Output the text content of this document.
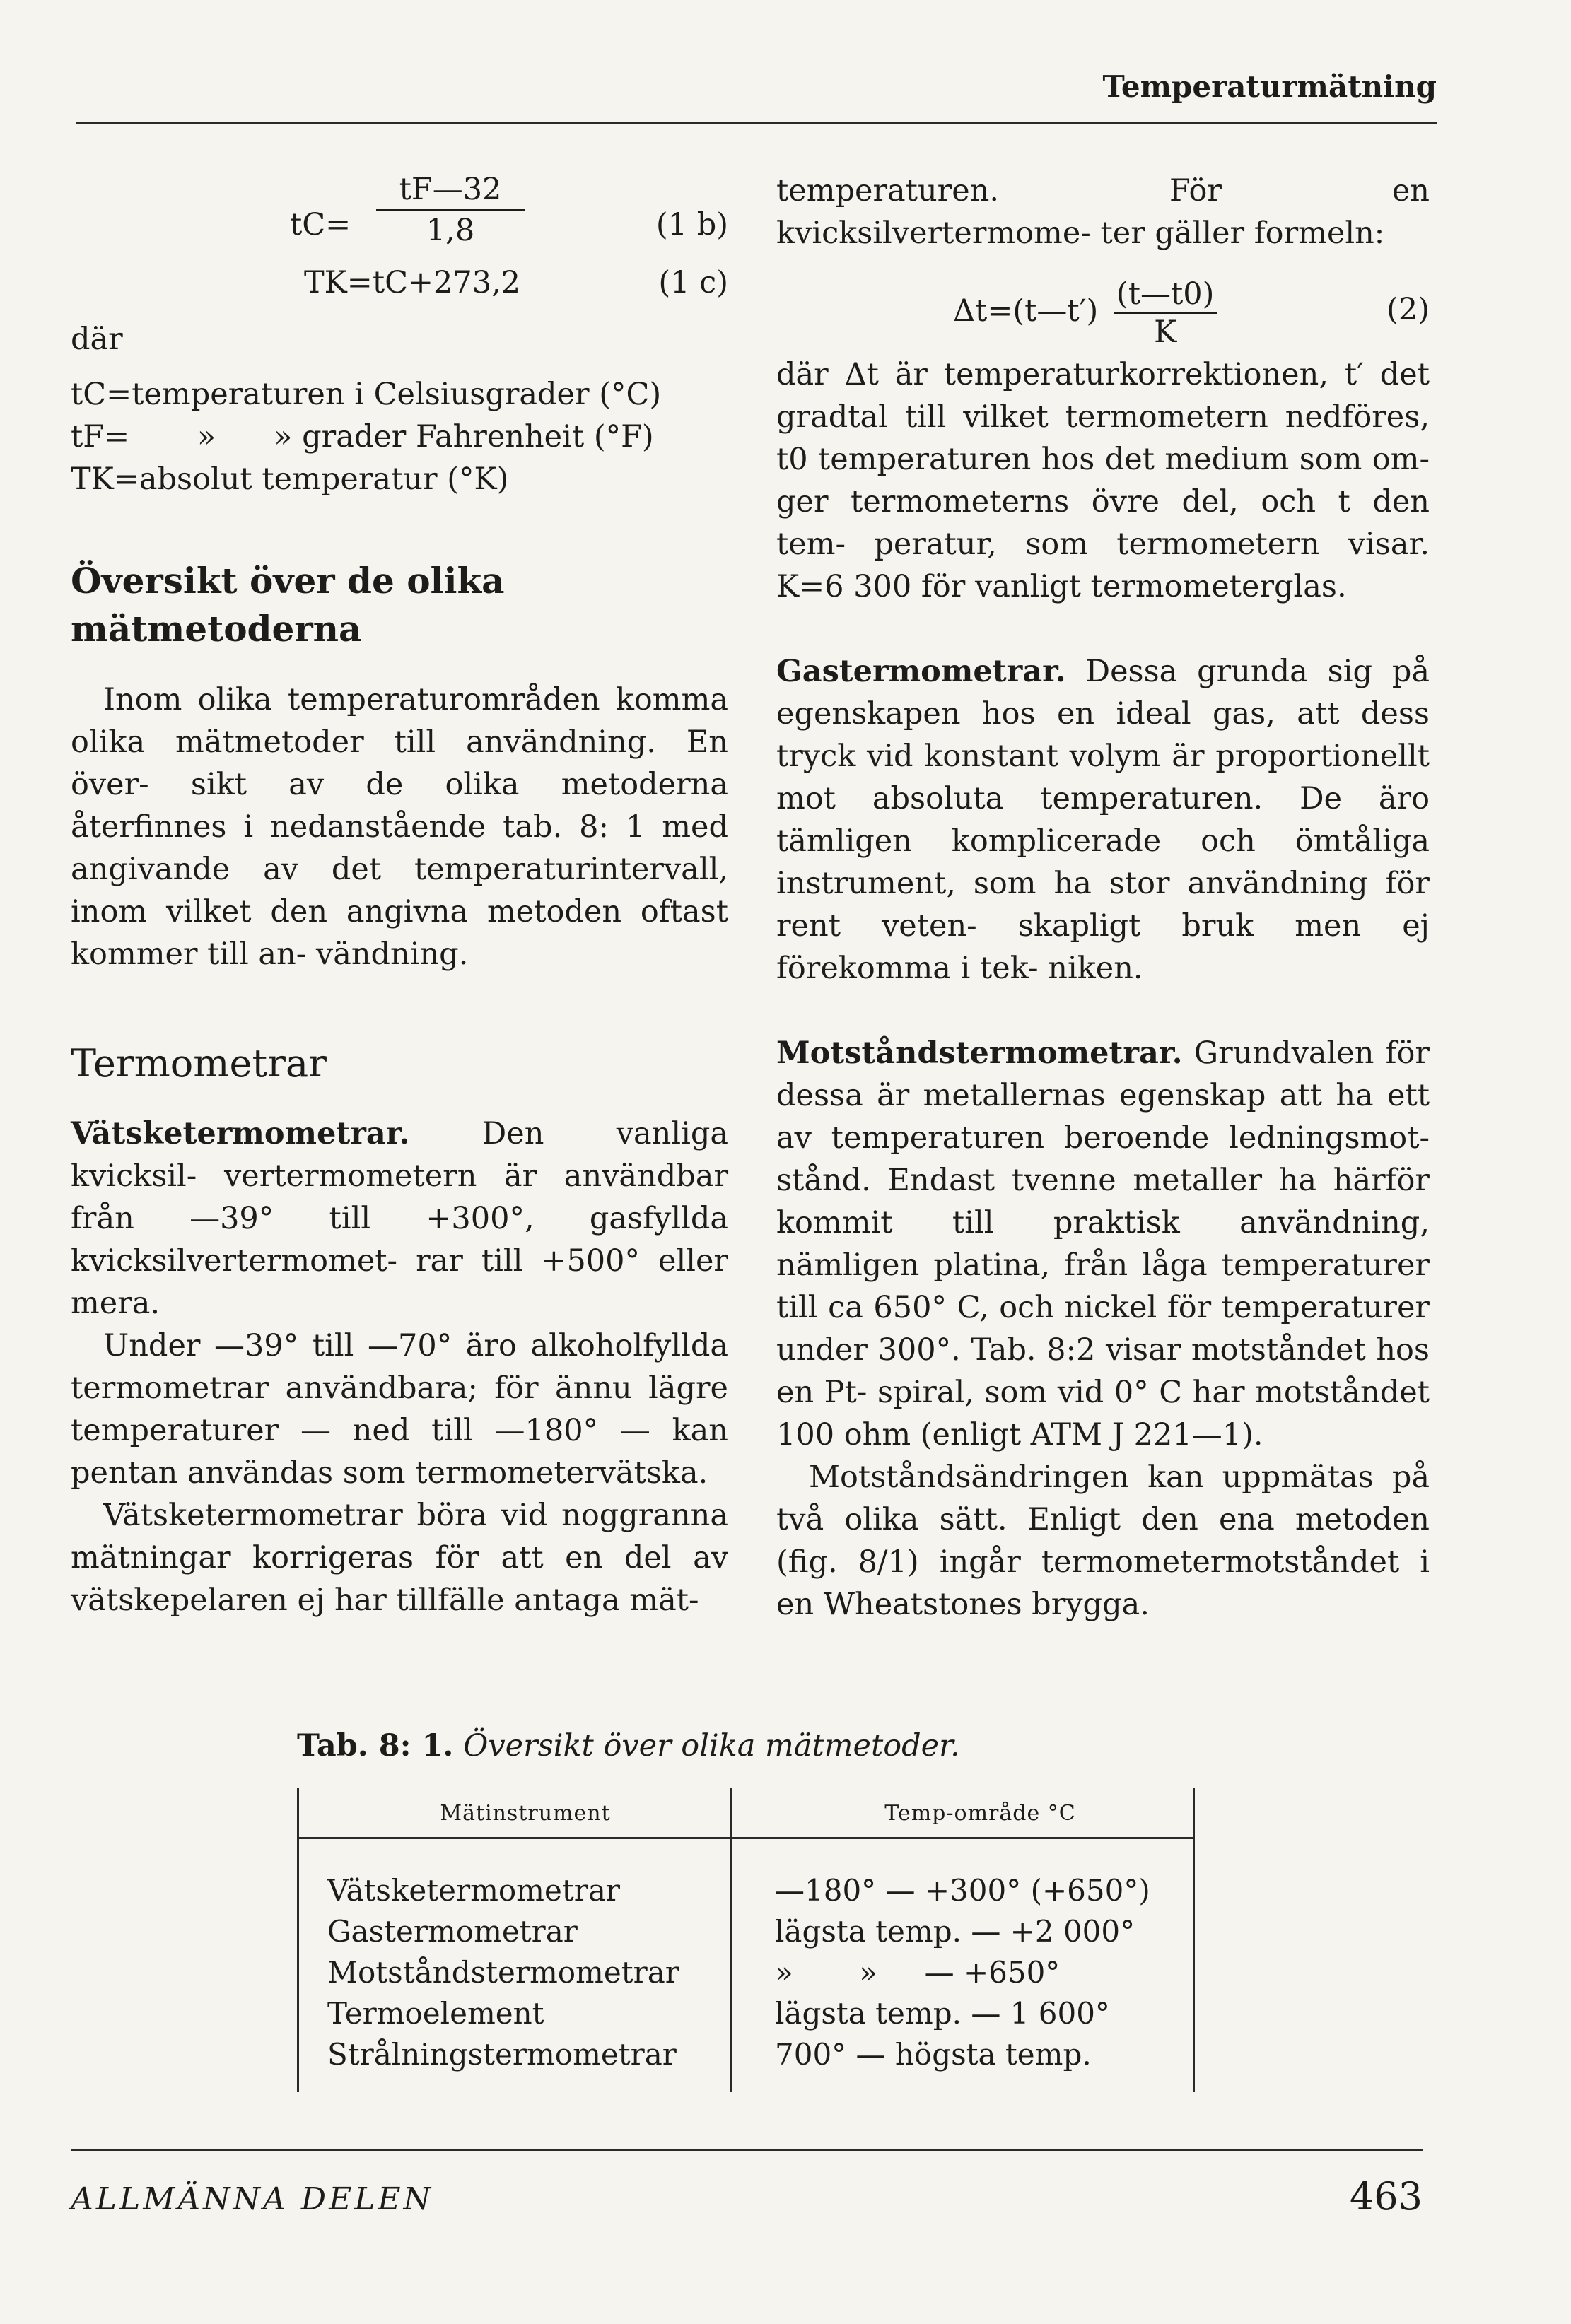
Temperaturmätning
$tC= \frac{tF—32}{1,8}$	(1 b)
TK=tC+273,2	(1 c)

där

tC=temperaturen i Celsiusgrader (°C)

tF=       »      » grader Fahrenheit (°F)

TK=absolut temperatur (°K)

Översikt över de olika mätmetoderna

Inom olika temperaturområden komma olika mätmetoder till användning. En över- sikt av de olika metoderna återfinnes i nedanstående tab. 8: 1 med angivande av det temperaturintervall, inom vilket den angivna metoden oftast kommer till an- vändning.

Termometrar

Vätsketermometrar. Den vanliga kvicksil- vertermometern är användbar från —39° till +300°, gasfyllda kvicksilvertermomet- rar till +500° eller mera.

Under —39° till —70° äro alkoholfyllda termometrar användbara; för ännu lägre temperaturer — ned till —180° — kan pentan användas som termometervätska.

Vätsketermometrar böra vid noggranna mätningar korrigeras för att en del av vätskepelaren ej har tillfälle antaga mät-

temperaturen. För en kvicksilvertermome- ter gäller formeln:

Δt=(t—t′) $\frac{(t—t0)}{K}$	(2)

där Δt är temperaturkorrektionen, t′ det gradtal till vilket termometern nedföres, t0 temperaturen hos det medium som om- ger termometerns övre del, och t den tem- peratur, som termometern visar. K=6 300 för vanligt termometerglas.

Gastermometrar. Dessa grunda sig på egenskapen hos en ideal gas, att dess tryck vid konstant volym är proportionellt mot absoluta temperaturen. De äro tämligen komplicerade och ömtåliga instrument, som ha stor användning för rent veten- skapligt bruk men ej förekomma i tek- niken.

Motståndstermometrar. Grundvalen för dessa är metallernas egenskap att ha ett av temperaturen beroende ledningsmot- stånd. Endast tvenne metaller ha härför kommit till praktisk användning, nämligen platina, från låga temperaturer till ca 650° C, och nickel för temperaturer under 300°. Tab. 8:2 visar motståndet hos en Pt- spiral, som vid 0° C har motståndet 100 ohm (enligt ATM J 221—1).

Motståndsändringen kan uppmätas på två olika sätt. Enligt den ena metoden (fig. 8/1) ingår termometermotståndet i en Wheatstones brygga.

Tab. 8: 1. Översikt över olika mätmetoder.
Mätinstrument	Temp-område °C
Vätsketermometrar	—180° — +300° (+650°)
Gastermometrar	lägsta temp. — +2 000°
Motståndstermometrar	»       »     — +650°
Termoelement	lägsta temp. — 1 600°
Strålningstermometrar	700° — högsta temp.
ALLMÄNNA DELEN	463
